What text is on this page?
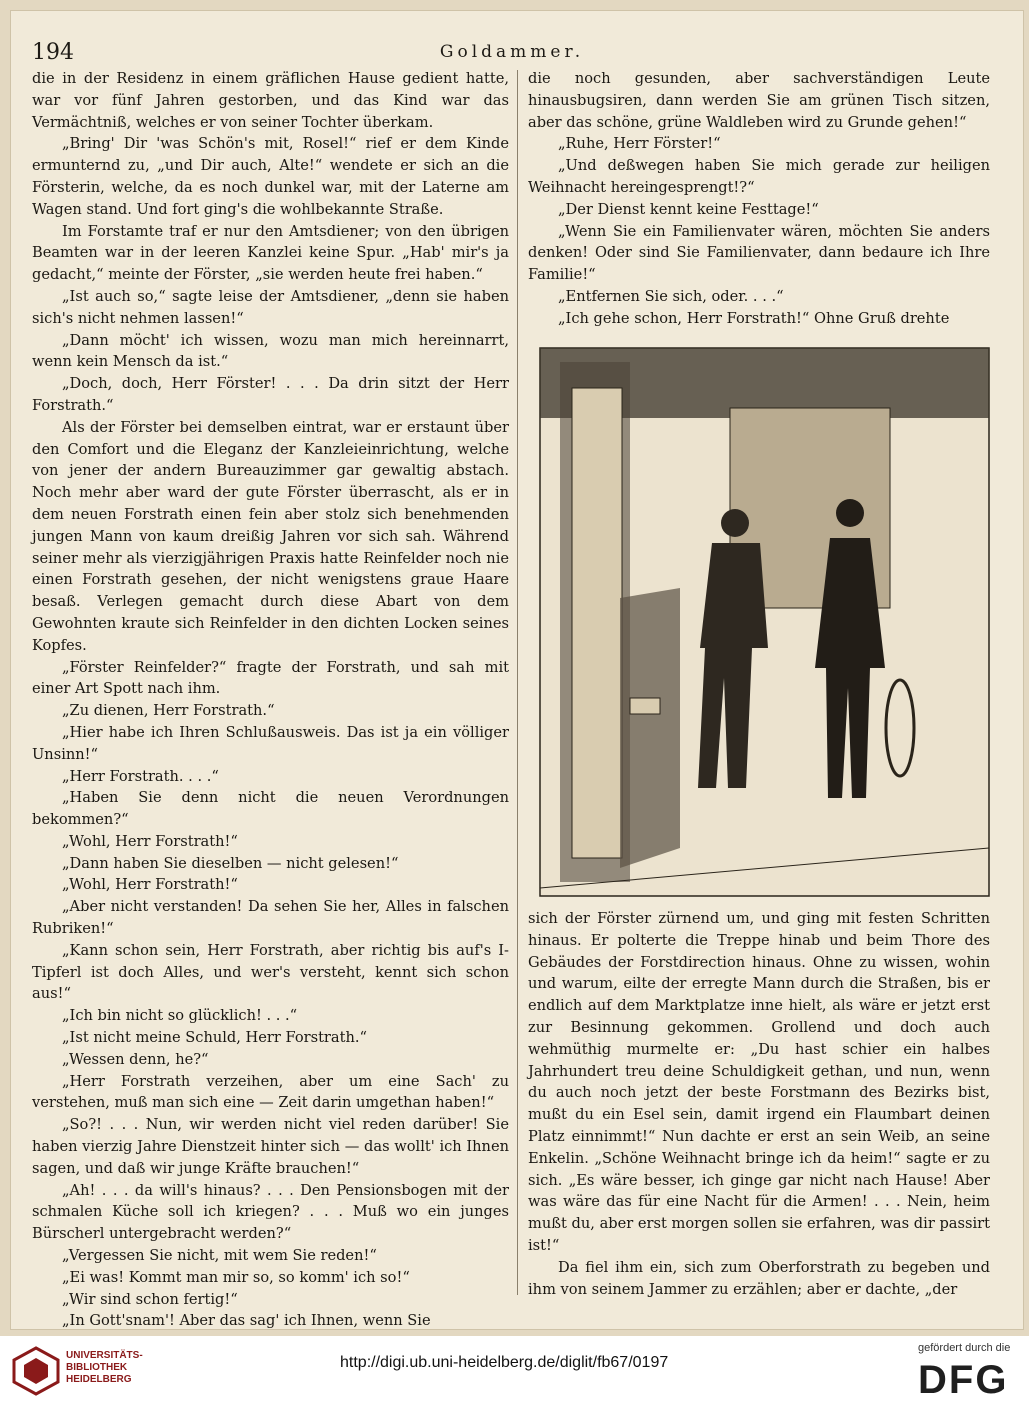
194	Goldammer.

die in der Residenz in einem gräflichen Hause gedient hatte, war vor fünf Jahren gestorben, und das Kind war das Vermächtniß, welches er von seiner Tochter überkam.

„Bring' Dir 'was Schön's mit, Rosel!“ rief er dem Kinde ermunternd zu, „und Dir auch, Alte!“ wendete er sich an die Försterin, welche, da es noch dunkel war, mit der Laterne am Wagen stand. Und fort ging's die wohlbekannte Straße.

Im Forstamte traf er nur den Amtsdiener; von den übrigen Beamten war in der leeren Kanzlei keine Spur. „Hab' mir's ja gedacht,“ meinte der Förster, „sie werden heute frei haben.“

„Ist auch so,“ sagte leise der Amtsdiener, „denn sie haben sich's nicht nehmen lassen!“

„Dann möcht' ich wissen, wozu man mich hereinnarrt, wenn kein Mensch da ist.“

„Doch, doch, Herr Förster! . . . Da drin sitzt der Herr Forstrath.“

Als der Förster bei demselben eintrat, war er erstaunt über den Comfort und die Eleganz der Kanzleieinrichtung, welche von jener der andern Bureauzimmer gar gewaltig abstach. Noch mehr aber ward der gute Förster überrascht, als er in dem neuen Forstrath einen fein aber stolz sich benehmenden jungen Mann von kaum dreißig Jahren vor sich sah. Während seiner mehr als vierzigjährigen Praxis hatte Reinfelder noch nie einen Forstrath gesehen, der nicht wenigstens graue Haare besaß. Verlegen gemacht durch diese Abart von dem Gewohnten kraute sich Reinfelder in den dichten Locken seines Kopfes.

„Förster Reinfelder?“ fragte der Forstrath, und sah mit einer Art Spott nach ihm.

„Zu dienen, Herr Forstrath.“

„Hier habe ich Ihren Schlußausweis. Das ist ja ein völliger Unsinn!“

„Herr Forstrath. . . .“

„Haben Sie denn nicht die neuen Verordnungen bekommen?“

„Wohl, Herr Forstrath!“

„Dann haben Sie dieselben — nicht gelesen!“

„Wohl, Herr Forstrath!“

„Aber nicht verstanden! Da sehen Sie her, Alles in falschen Rubriken!“

„Kann schon sein, Herr Forstrath, aber richtig bis auf's I-Tipferl ist doch Alles, und wer's versteht, kennt sich schon aus!“

„Ich bin nicht so glücklich! . . .“

„Ist nicht meine Schuld, Herr Forstrath.“

„Wessen denn, he?“

„Herr Forstrath verzeihen, aber um eine Sach' zu verstehen, muß man sich eine — Zeit darin umgethan haben!“

„So?! . . . Nun, wir werden nicht viel reden darüber! Sie haben vierzig Jahre Dienstzeit hinter sich — das wollt' ich Ihnen sagen, und daß wir junge Kräfte brauchen!“

„Ah! . . . da will's hinaus? . . . Den Pensionsbogen mit der schmalen Küche soll ich kriegen? . . . Muß wo ein junges Bürscherl untergebracht werden?“

„Vergessen Sie nicht, mit wem Sie reden!“

„Ei was! Kommt man mir so, so komm' ich so!“

„Wir sind schon fertig!“

„In Gott'snam'! Aber das sag' ich Ihnen, wenn Sie

die noch gesunden, aber sachverständigen Leute hinausbugsiren, dann werden Sie am grünen Tisch sitzen, aber das schöne, grüne Waldleben wird zu Grunde gehen!“

„Ruhe, Herr Förster!“

„Und deßwegen haben Sie mich gerade zur heiligen Weihnacht hereingesprengt!?“

„Der Dienst kennt keine Festtage!“

„Wenn Sie ein Familienvater wären, möchten Sie anders denken! Oder sind Sie Familienvater, dann bedaure ich Ihre Familie!“

„Entfernen Sie sich, oder. . . .“

„Ich gehe schon, Herr Forstrath!“ Ohne Gruß drehte

sich der Förster zürnend um, und ging mit festen Schritten hinaus. Er polterte die Treppe hinab und beim Thore des Gebäudes der Forstdirection hinaus. Ohne zu wissen, wohin und warum, eilte der erregte Mann durch die Straßen, bis er endlich auf dem Marktplatze inne hielt, als wäre er jetzt erst zur Besinnung gekommen. Grollend und doch auch wehmüthig murmelte er: „Du hast schier ein halbes Jahrhundert treu deine Schuldigkeit gethan, und nun, wenn du auch noch jetzt der beste Forstmann des Bezirks bist, mußt du ein Esel sein, damit irgend ein Flaumbart deinen Platz einnimmt!“ Nun dachte er erst an sein Weib, an seine Enkelin. „Schöne Weihnacht bringe ich da heim!“ sagte er zu sich. „Es wäre besser, ich ginge gar nicht nach Hause! Aber was wäre das für eine Nacht für die Armen! . . . Nein, heim mußt du, aber erst morgen sollen sie erfahren, was dir passirt ist!“

Da fiel ihm ein, sich zum Oberforstrath zu begeben und ihm von seinem Jammer zu erzählen; aber er dachte, „der

UNIVERSITÄTS-
BIBLIOTHEK
HEIDELBERG
http://digi.ub.uni-heidelberg.de/diglit/fb67/0197
gefördert durch die
DFG
